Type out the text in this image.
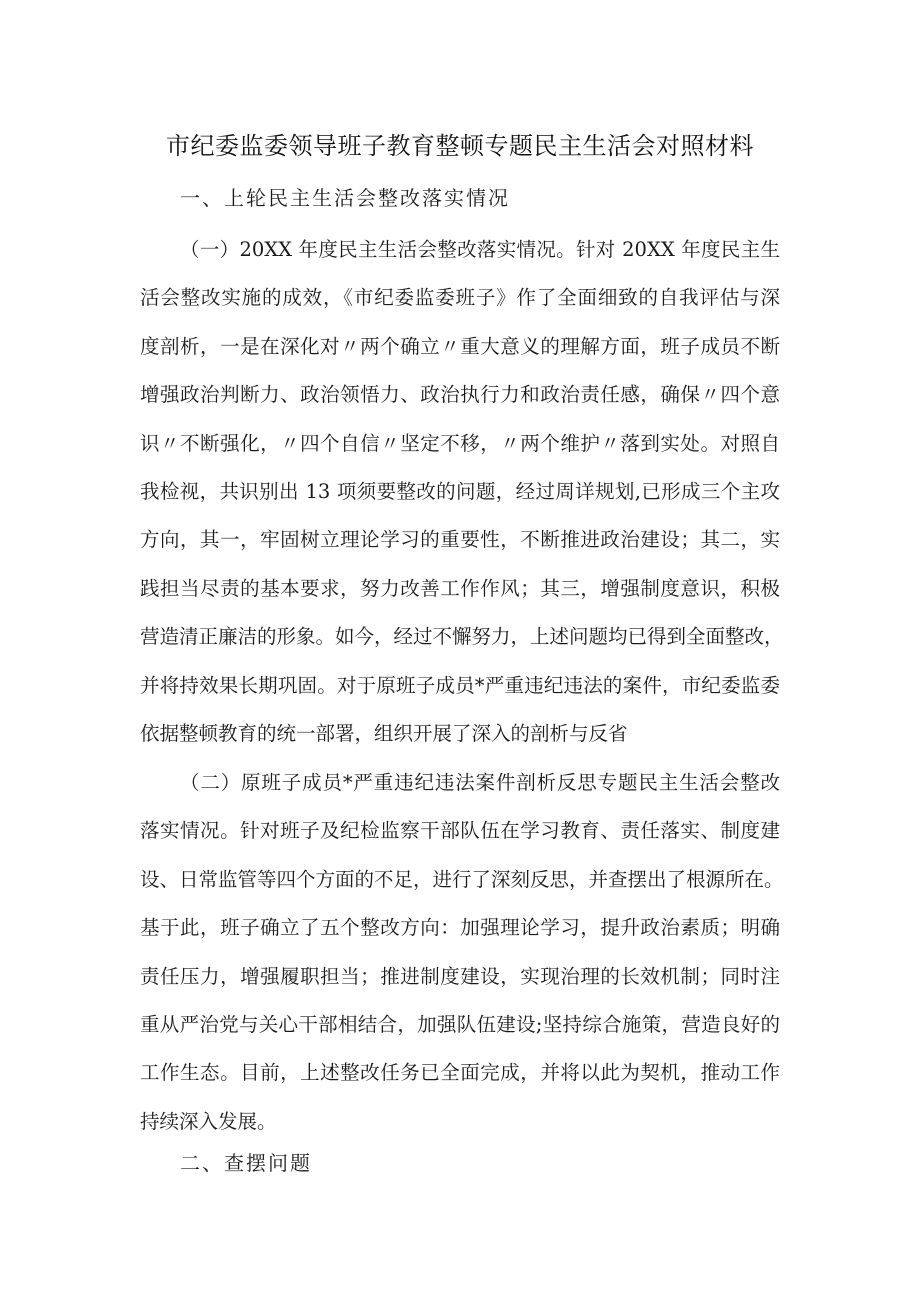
市纪委监委领导班子教育整顿专题民主生活会对照材料
一、上轮民主生活会整改落实情况
（一）20XX 年度民主生活会整改落实情况。针对 20XX 年度民主生
活会整改实施的成效，《市纪委监委班子》作了全面细致的自我评估与深
度剖析，一是在深化对〃两个确立〃重大意义的理解方面，班子成员不断
增强政治判断力、政治领悟力、政治执行力和政治责任感，确保〃四个意
识〃不断强化，〃四个自信〃坚定不移，〃两个维护〃落到实处。对照自
我检视，共识别出 13 项须要整改的问题，经过周详规划,已形成三个主攻
方向，其一，牢固树立理论学习的重要性，不断推进政治建设；其二，实
践担当尽责的基本要求，努力改善工作作风；其三，增强制度意识，积极
营造清正廉洁的形象。如今，经过不懈努力，上述问题均已得到全面整改，
并将持效果长期巩固。对于原班子成员*严重违纪违法的案件，市纪委监委
依据整顿教育的统一部署，组织开展了深入的剖析与反省
（二）原班子成员*严重违纪违法案件剖析反思专题民主生活会整改
落实情况。针对班子及纪检监察干部队伍在学习教育、责任落实、制度建
设、日常监管等四个方面的不足，进行了深刻反思，并查摆出了根源所在。
基于此，班子确立了五个整改方向：加强理论学习，提升政治素质；明确
责任压力，增强履职担当；推进制度建设，实现治理的长效机制；同时注
重从严治党与关心干部相结合，加强队伍建设;坚持综合施策，营造良好的
工作生态。目前，上述整改任务已全面完成，并将以此为契机，推动工作
持续深入发展。
二、查摆问题
